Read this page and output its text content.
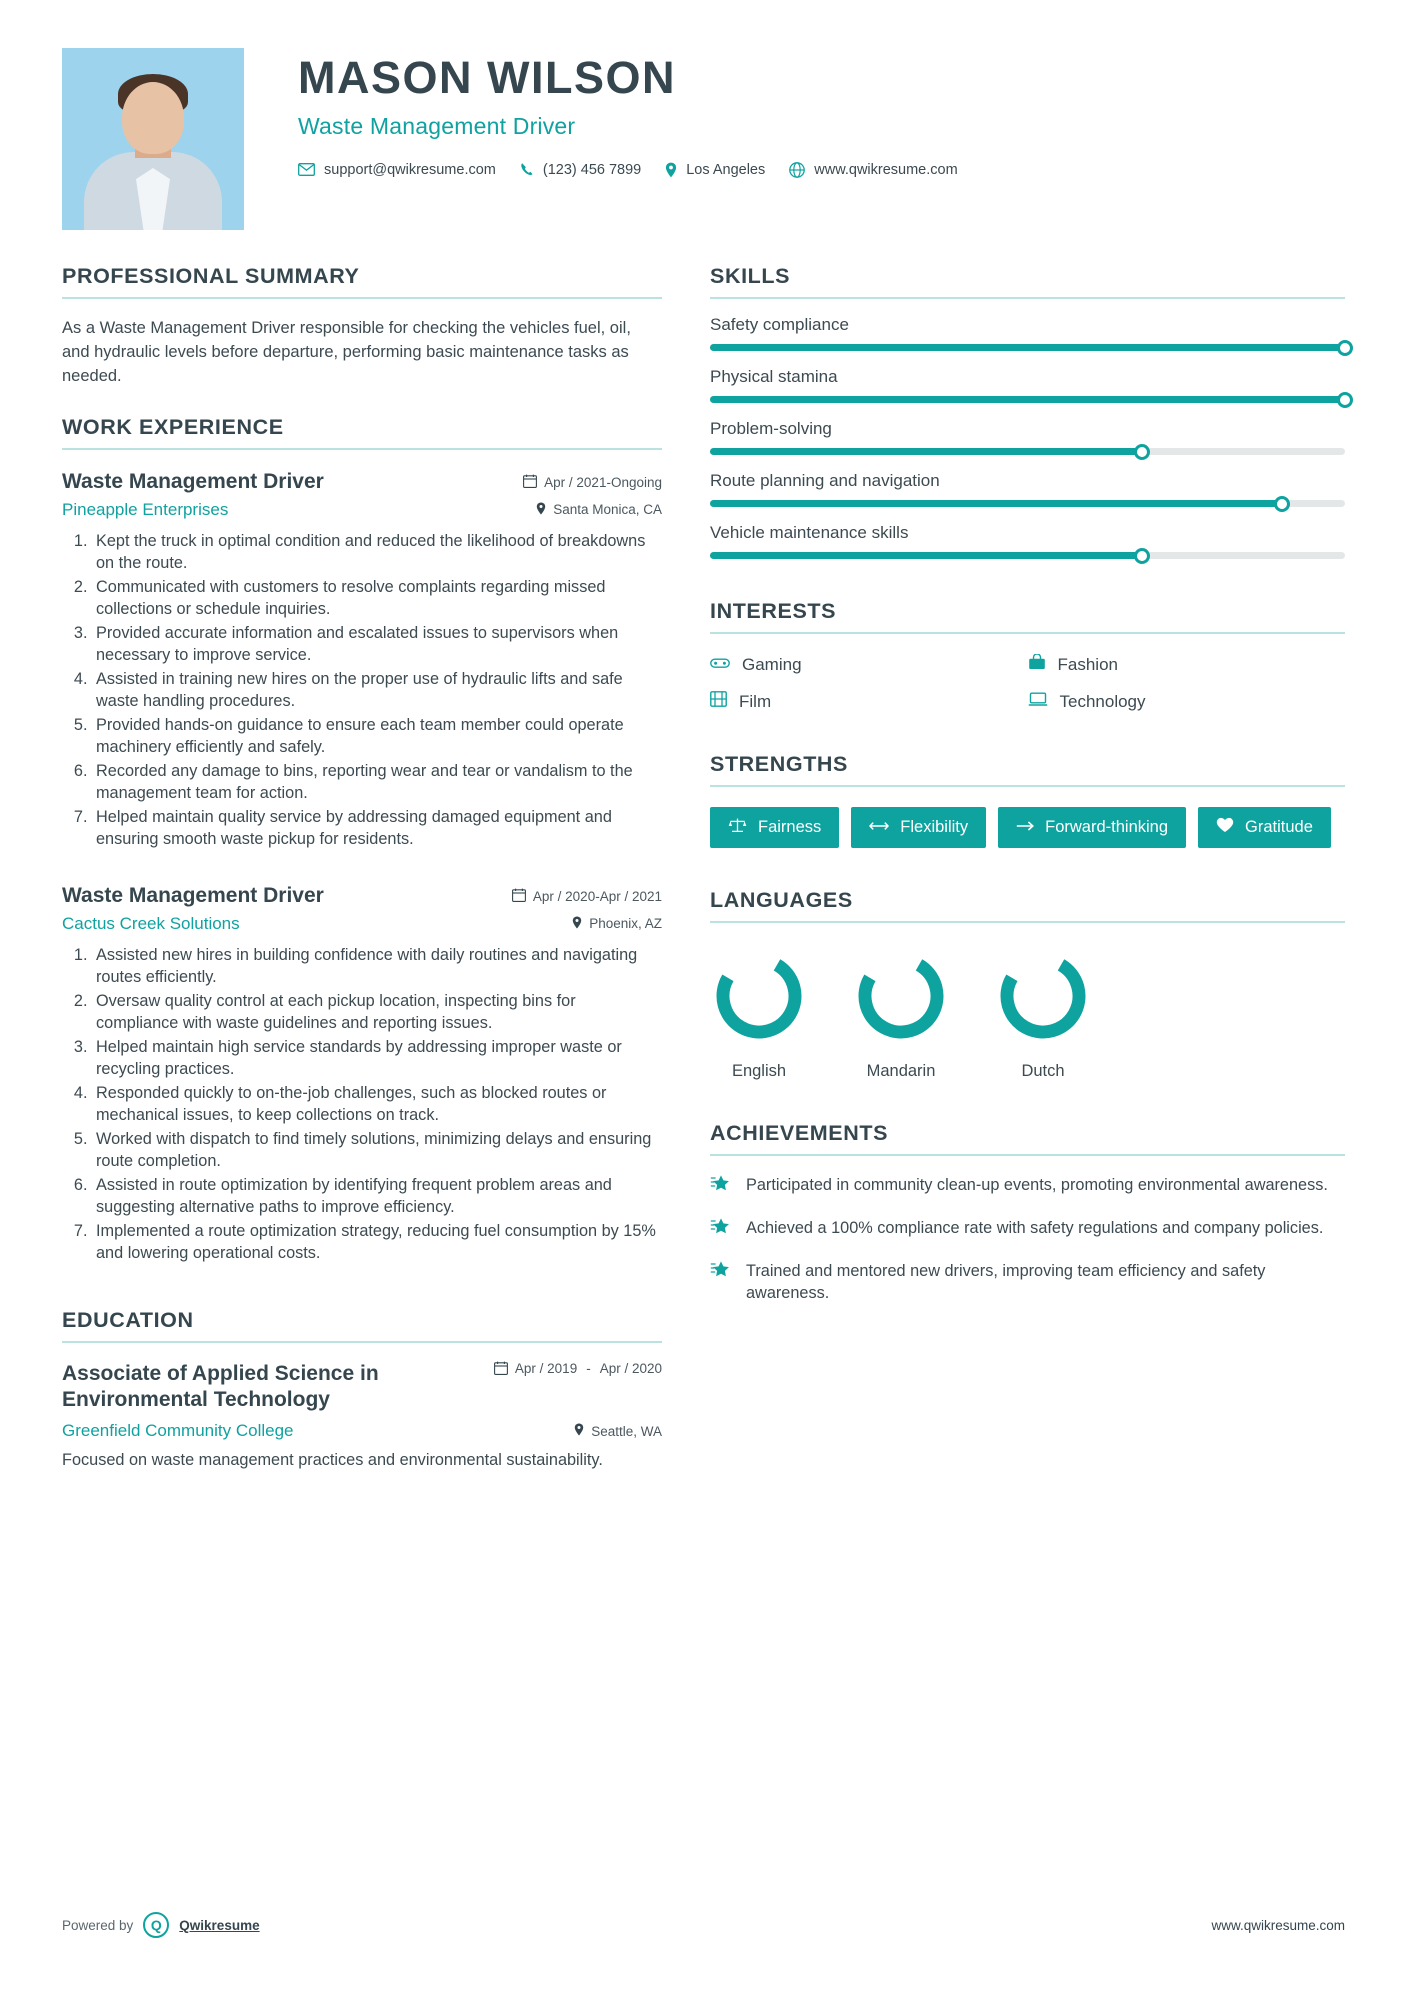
MASON WILSON
Waste Management Driver
support@qwikresume.com	(123) 456 7899	Los Angeles	www.qwikresume.com
PROFESSIONAL SUMMARY
As a Waste Management Driver responsible for checking the vehicles fuel, oil, and hydraulic levels before departure, performing basic maintenance tasks as needed.
WORK EXPERIENCE
Waste Management Driver	Apr / 2021-Ongoing
Pineapple Enterprises	Santa Monica, CA
1. Kept the truck in optimal condition and reduced the likelihood of breakdowns on the route.
2. Communicated with customers to resolve complaints regarding missed collections or schedule inquiries.
3. Provided accurate information and escalated issues to supervisors when necessary to improve service.
4. Assisted in training new hires on the proper use of hydraulic lifts and safe waste handling procedures.
5. Provided hands-on guidance to ensure each team member could operate machinery efficiently and safely.
6. Recorded any damage to bins, reporting wear and tear or vandalism to the management team for action.
7. Helped maintain quality service by addressing damaged equipment and ensuring smooth waste pickup for residents.
Waste Management Driver	Apr / 2020-Apr / 2021
Cactus Creek Solutions	Phoenix, AZ
1. Assisted new hires in building confidence with daily routines and navigating routes efficiently.
2. Oversaw quality control at each pickup location, inspecting bins for compliance with waste guidelines and reporting issues.
3. Helped maintain high service standards by addressing improper waste or recycling practices.
4. Responded quickly to on-the-job challenges, such as blocked routes or mechanical issues, to keep collections on track.
5. Worked with dispatch to find timely solutions, minimizing delays and ensuring route completion.
6. Assisted in route optimization by identifying frequent problem areas and suggesting alternative paths to improve efficiency.
7. Implemented a route optimization strategy, reducing fuel consumption by 15% and lowering operational costs.
EDUCATION
Associate of Applied Science in Environmental Technology
Apr / 2019 - Apr / 2020
Greenfield Community College	Seattle, WA
Focused on waste management practices and environmental sustainability.
SKILLS
Safety compliance
Physical stamina
Problem-solving
Route planning and navigation
Vehicle maintenance skills
INTERESTS
Gaming	Fashion
Film	Technology
STRENGTHS
Fairness	Flexibility	Forward-thinking	Gratitude
LANGUAGES
English	Mandarin	Dutch
ACHIEVEMENTS
Participated in community clean-up events, promoting environmental awareness.
Achieved a 100% compliance rate with safety regulations and company policies.
Trained and mentored new drivers, improving team efficiency and safety awareness.
Powered by Q Qwikresume	www.qwikresume.com
